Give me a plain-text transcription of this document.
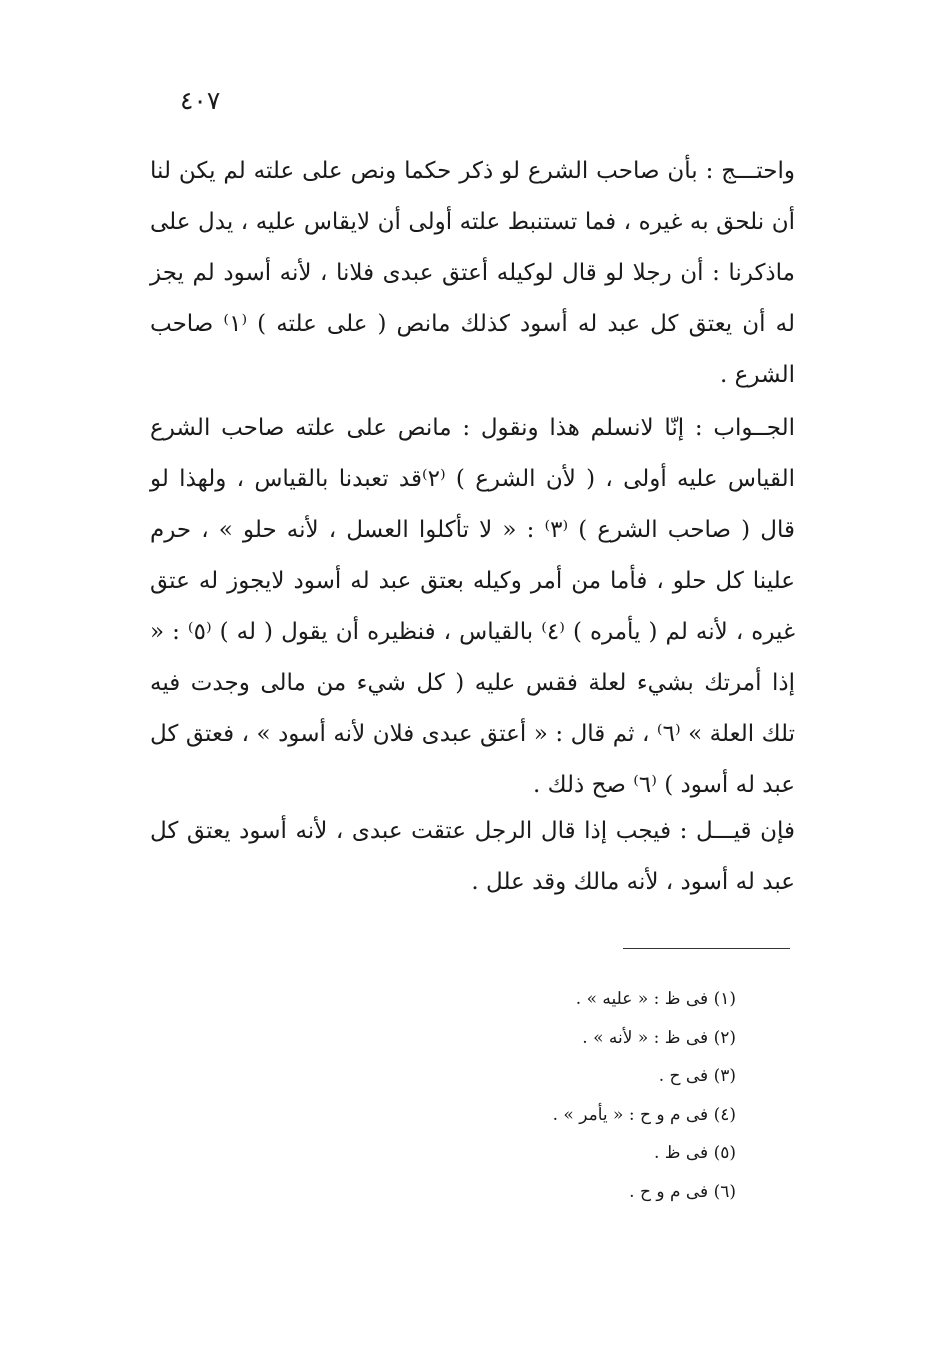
٤٠٧

واحتـــج : بأن صاحب الشرع لو ذكر حكما ونص على علته لم يكن لنا أن نلحق به غيره ، فما تستنبط علته أولى أن لايقاس عليه ، يدل على ماذكرنا : أن رجلا لو قال لوكيله أعتق عبدى فلانا ، لأنه أسود لم يجز له أن يعتق كل عبد له أسود كذلك مانص ( على علته ) ⁽١⁾ صاحب الشرع .

الجــواب : إنّا لانسلم هذا ونقول : مانص على علته صاحب الشرع القياس عليه أولى ، ( لأن الشرع ) ⁽٢⁾قد تعبدنا بالقياس ، ولهذا لو قال ( صاحب الشرع ) ⁽٣⁾ : « لا تأكلوا العسل ، لأنه حلو » ، حرم علينا كل حلو ، فأما من أمر وكيله بعتق عبد له أسود لايجوز له عتق غيره ، لأنه لم ( يأمره ) ⁽٤⁾ بالقياس ، فنظيره أن يقول ( له ) ⁽٥⁾ : « إذا أمرتك بشيء لعلة فقس عليه ( كل شيء من مالى وجدت فيه تلك العلة » ⁽٦⁾ ، ثم قال : « أعتق عبدى فلان لأنه أسود » ، فعتق كل عبد له أسود ) ⁽٦⁾ صح ذلك .

فإن قيـــل : فيجب إذا قال الرجل عتقت عبدى ، لأنه أسود يعتق كل عبد له أسود ، لأنه مالك وقد علل .

(١) فى ظ : « عليه » .
(٢) فى ظ : « لأنه » .
(٣) فى ح .
(٤) فى م و ح : « يأمر » .
(٥) فى ظ .
(٦) فى م و ح .
